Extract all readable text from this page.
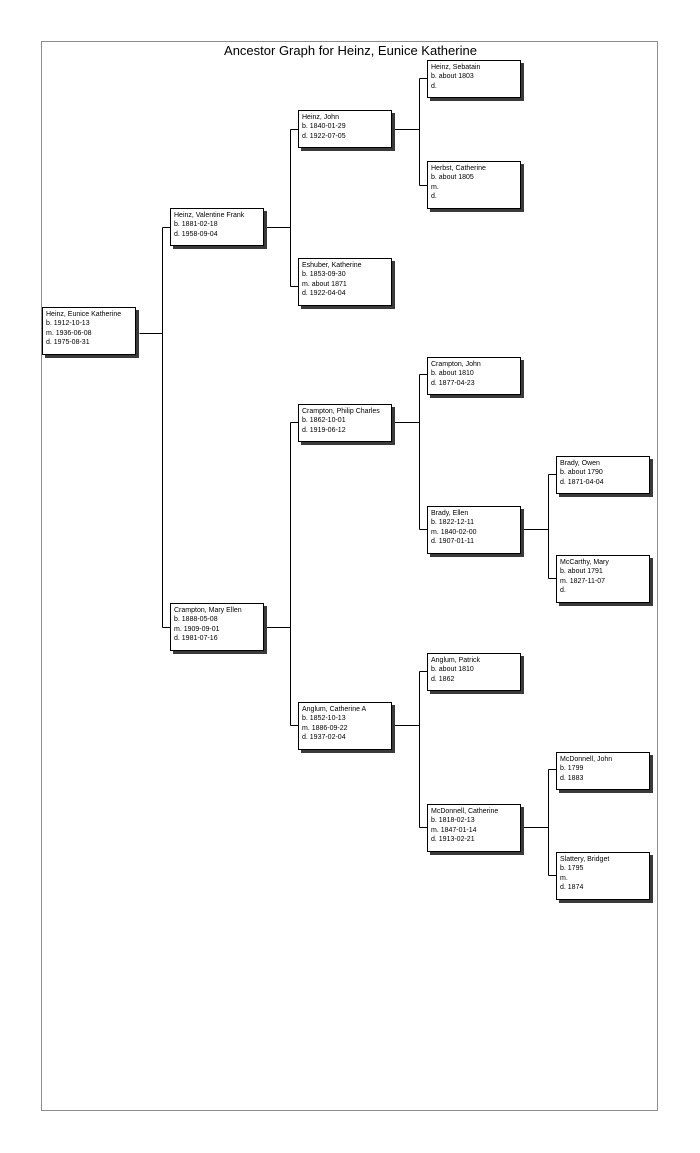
Ancestor Graph for Heinz, Eunice Katherine
Heinz, Eunice Katherine
b. 1912-10-13
m. 1936-06-08
d. 1975-08-31
Heinz, Valentine Frank
b. 1881-02-18
d. 1958-09-04
Crampton, Mary Ellen
b. 1888-05-08
m. 1909-09-01
d. 1981-07-16
Heinz, John
b. 1840-01-29
d. 1922-07-05
Eshuber, Katherine
b. 1853-09-30
m. about 1871
d. 1922-04-04
Crampton, Philip Charles
b. 1862-10-01
d. 1919-06-12
Anglum, Catherine A
b. 1852-10-13
m. 1886-09-22
d. 1937-02-04
Heinz, Sebatain
b. about 1803
d.
Herbst, Catherine
b. about 1805
m.
d.
Crampton, John
b. about 1810
d. 1877-04-23
Brady, Ellen
b. 1822-12-11
m. 1840-02-00
d. 1907-01-11
Anglum, Patrick
b. about 1810
d. 1862
McDonnell, Catherine
b. 1818-02-13
m. 1847-01-14
d. 1913-02-21
Brady, Owen
b. about 1790
d. 1871-04-04
McCarthy, Mary
b. about 1791
m. 1827-11-07
d.
McDonnell, John
b. 1799
d. 1883
Slattery, Bridget
b. 1795
m.
d. 1874
